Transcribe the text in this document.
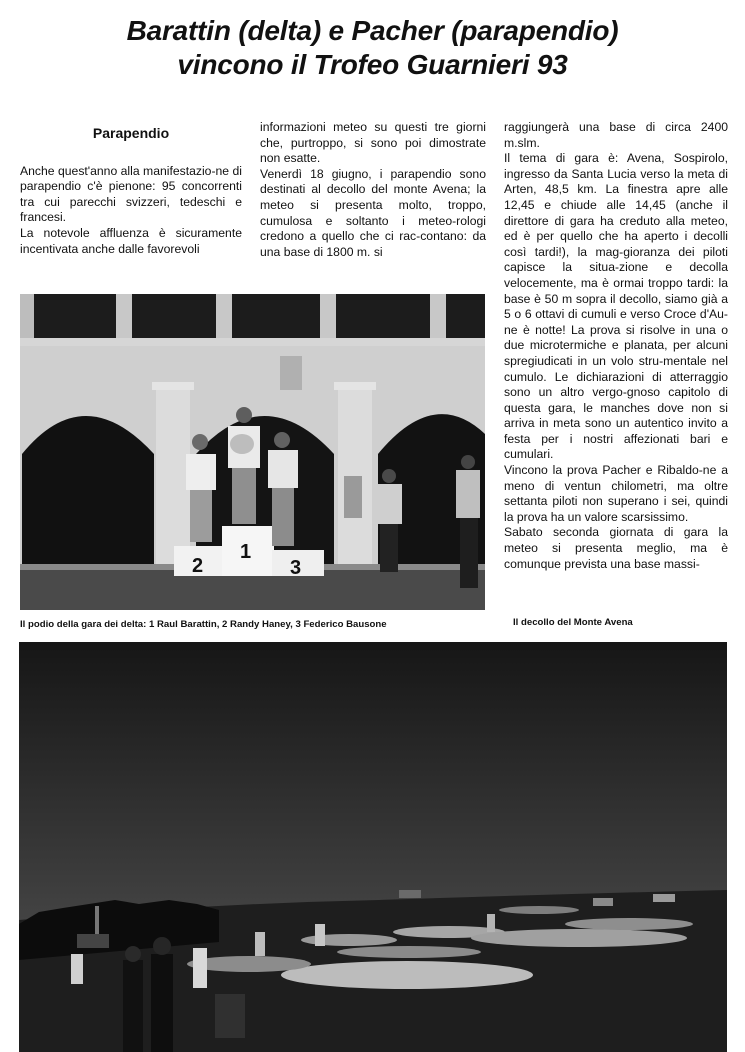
Barattin (delta) e Pacher (parapendio)
vincono il Trofeo Guarnieri 93
Parapendio

Anche quest'anno alla manifestazio-ne di parapendio c'è pienone: 95 concorrenti tra cui parecchi svizzeri, tedeschi e francesi.

La notevole affluenza è sicuramente incentivata anche dalle favorevoli

informazioni meteo su questi tre giorni che, purtroppo, si sono poi dimostrate non esatte.

Venerdì 18 giugno, i parapendio sono destinati al decollo del monte Avena; la meteo si presenta molto, troppo, cumulosa e soltanto i meteo-rologi credono a quello che ci rac-contano: da una base di 1800 m. si

raggiungerà una base di circa 2400 m.slm.

Il tema di gara è: Avena, Sospirolo, ingresso da Santa Lucia verso la meta di Arten, 48,5 km. La finestra apre alle 12,45 e chiude alle 14,45 (anche il direttore di gara ha creduto alla meteo, ed è per quello che ha aperto i decolli così tardi!), la mag-gioranza dei piloti capisce la situa-zione e decolla velocemente, ma è ormai troppo tardi: la base è 50 m sopra il decollo, siamo già a 5 o 6 ottavi di cumuli e verso Croce d'Au-ne è notte! La prova si risolve in una o due microtermiche e planata, per alcuni spregiudicati in un volo stru-mentale nel cumulo. Le dichiarazioni di atterraggio sono un altro vergo-gnoso capitolo di questa gara, le manches dove non si arriva in meta sono un autentico invito a festa per i nostri affezionati bari e cumulari.

Vincono la prova Pacher e Ribaldo-ne a meno di ventun chilometri, ma oltre settanta piloti non superano i sei, quindi la prova ha un valore scarsissimo.

Sabato seconda giornata di gara la meteo si presenta meglio, ma è comunque prevista una base massi-

2
1
3
Il podio della gara dei delta: 1 Raul Barattin, 2 Randy Haney, 3 Federico Bausone	Il decollo del Monte Avena
